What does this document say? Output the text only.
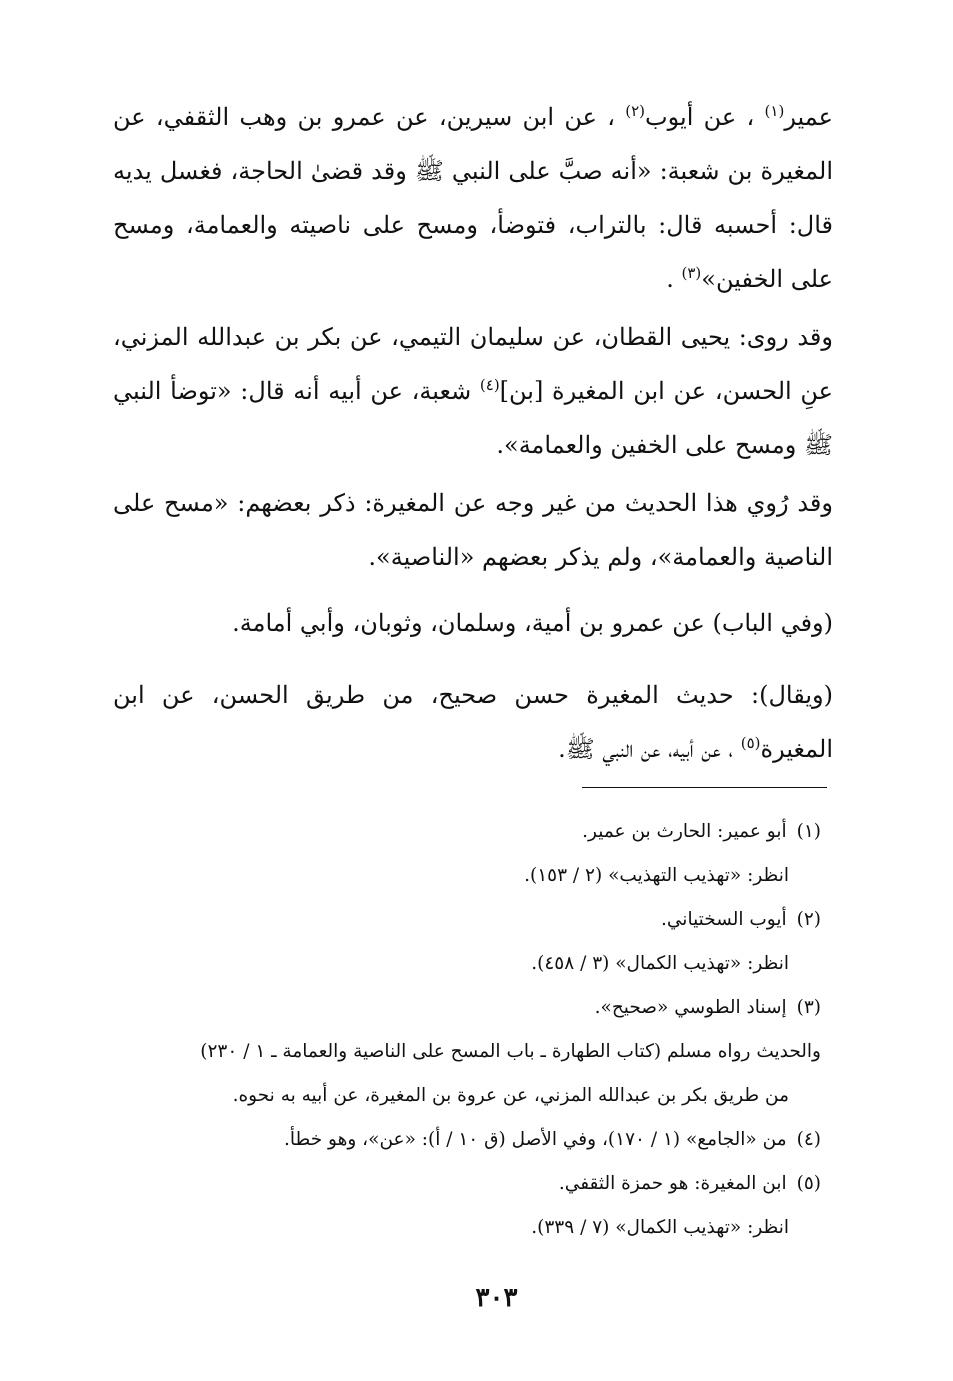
عمير$^{(١)}$ ، عن أيوب$^{(٢)}$ ، عن ابن سيرين، عن عمرو بن وهب الثقفي، عن المغيرة بن شعبة: «أنه صبَّ على النبي ﷺ وقد قضىٰ الحاجة، فغسل يديه قال: أحسبه قال: بالتراب، فتوضأ، ومسح على ناصيته والعمامة، ومسح على الخفين»$^{(٣)}$ .

وقد روى: يحيى القطان، عن سليمان التيمي، عن بكر بن عبدالله المزني، عنِ الحسن، عن ابن المغيرة [بن]$^{(٤)}$ شعبة، عن أبيه أنه قال: «توضأ النبي ﷺ ومسح على الخفين والعمامة».

وقد رُوي هذا الحديث من غير وجه عن المغيرة: ذكر بعضهم: «مسح على الناصية والعمامة»، ولم يذكر بعضهم «الناصية».

(وفي الباب) عن عمرو بن أمية، وسلمان، وثوبان، وأبي أمامة.

(ويقال): حديث المغيرة حسن صحيح، من طريق الحسن، عن ابن المغيرة$^{(٥)}$ ، عن أبيه، عن النبي ﷺ.

(١)أبو عمير: الحارث بن عمير.

انظر: «تهذيب التهذيب» (٢ / ١٥٣).

(٢)أيوب السختياني.

انظر: «تهذيب الكمال» (٣ / ٤٥٨).

(٣)إسناد الطوسي «صحيح».

والحديث رواه مسلم (كتاب الطهارة ـ باب المسح على الناصية والعمامة ـ ١ / ٢٣٠)

من طريق بكر بن عبدالله المزني، عن عروة بن المغيرة، عن أبيه به نحوه.

(٤)من «الجامع» (١ / ١٧٠)، وفي الأصل (ق ١٠ / أ): «عن»، وهو خطأ.

(٥)ابن المغيرة: هو حمزة الثقفي.

انظر: «تهذيب الكمال» (٧ / ٣٣٩).

٣٠٣
